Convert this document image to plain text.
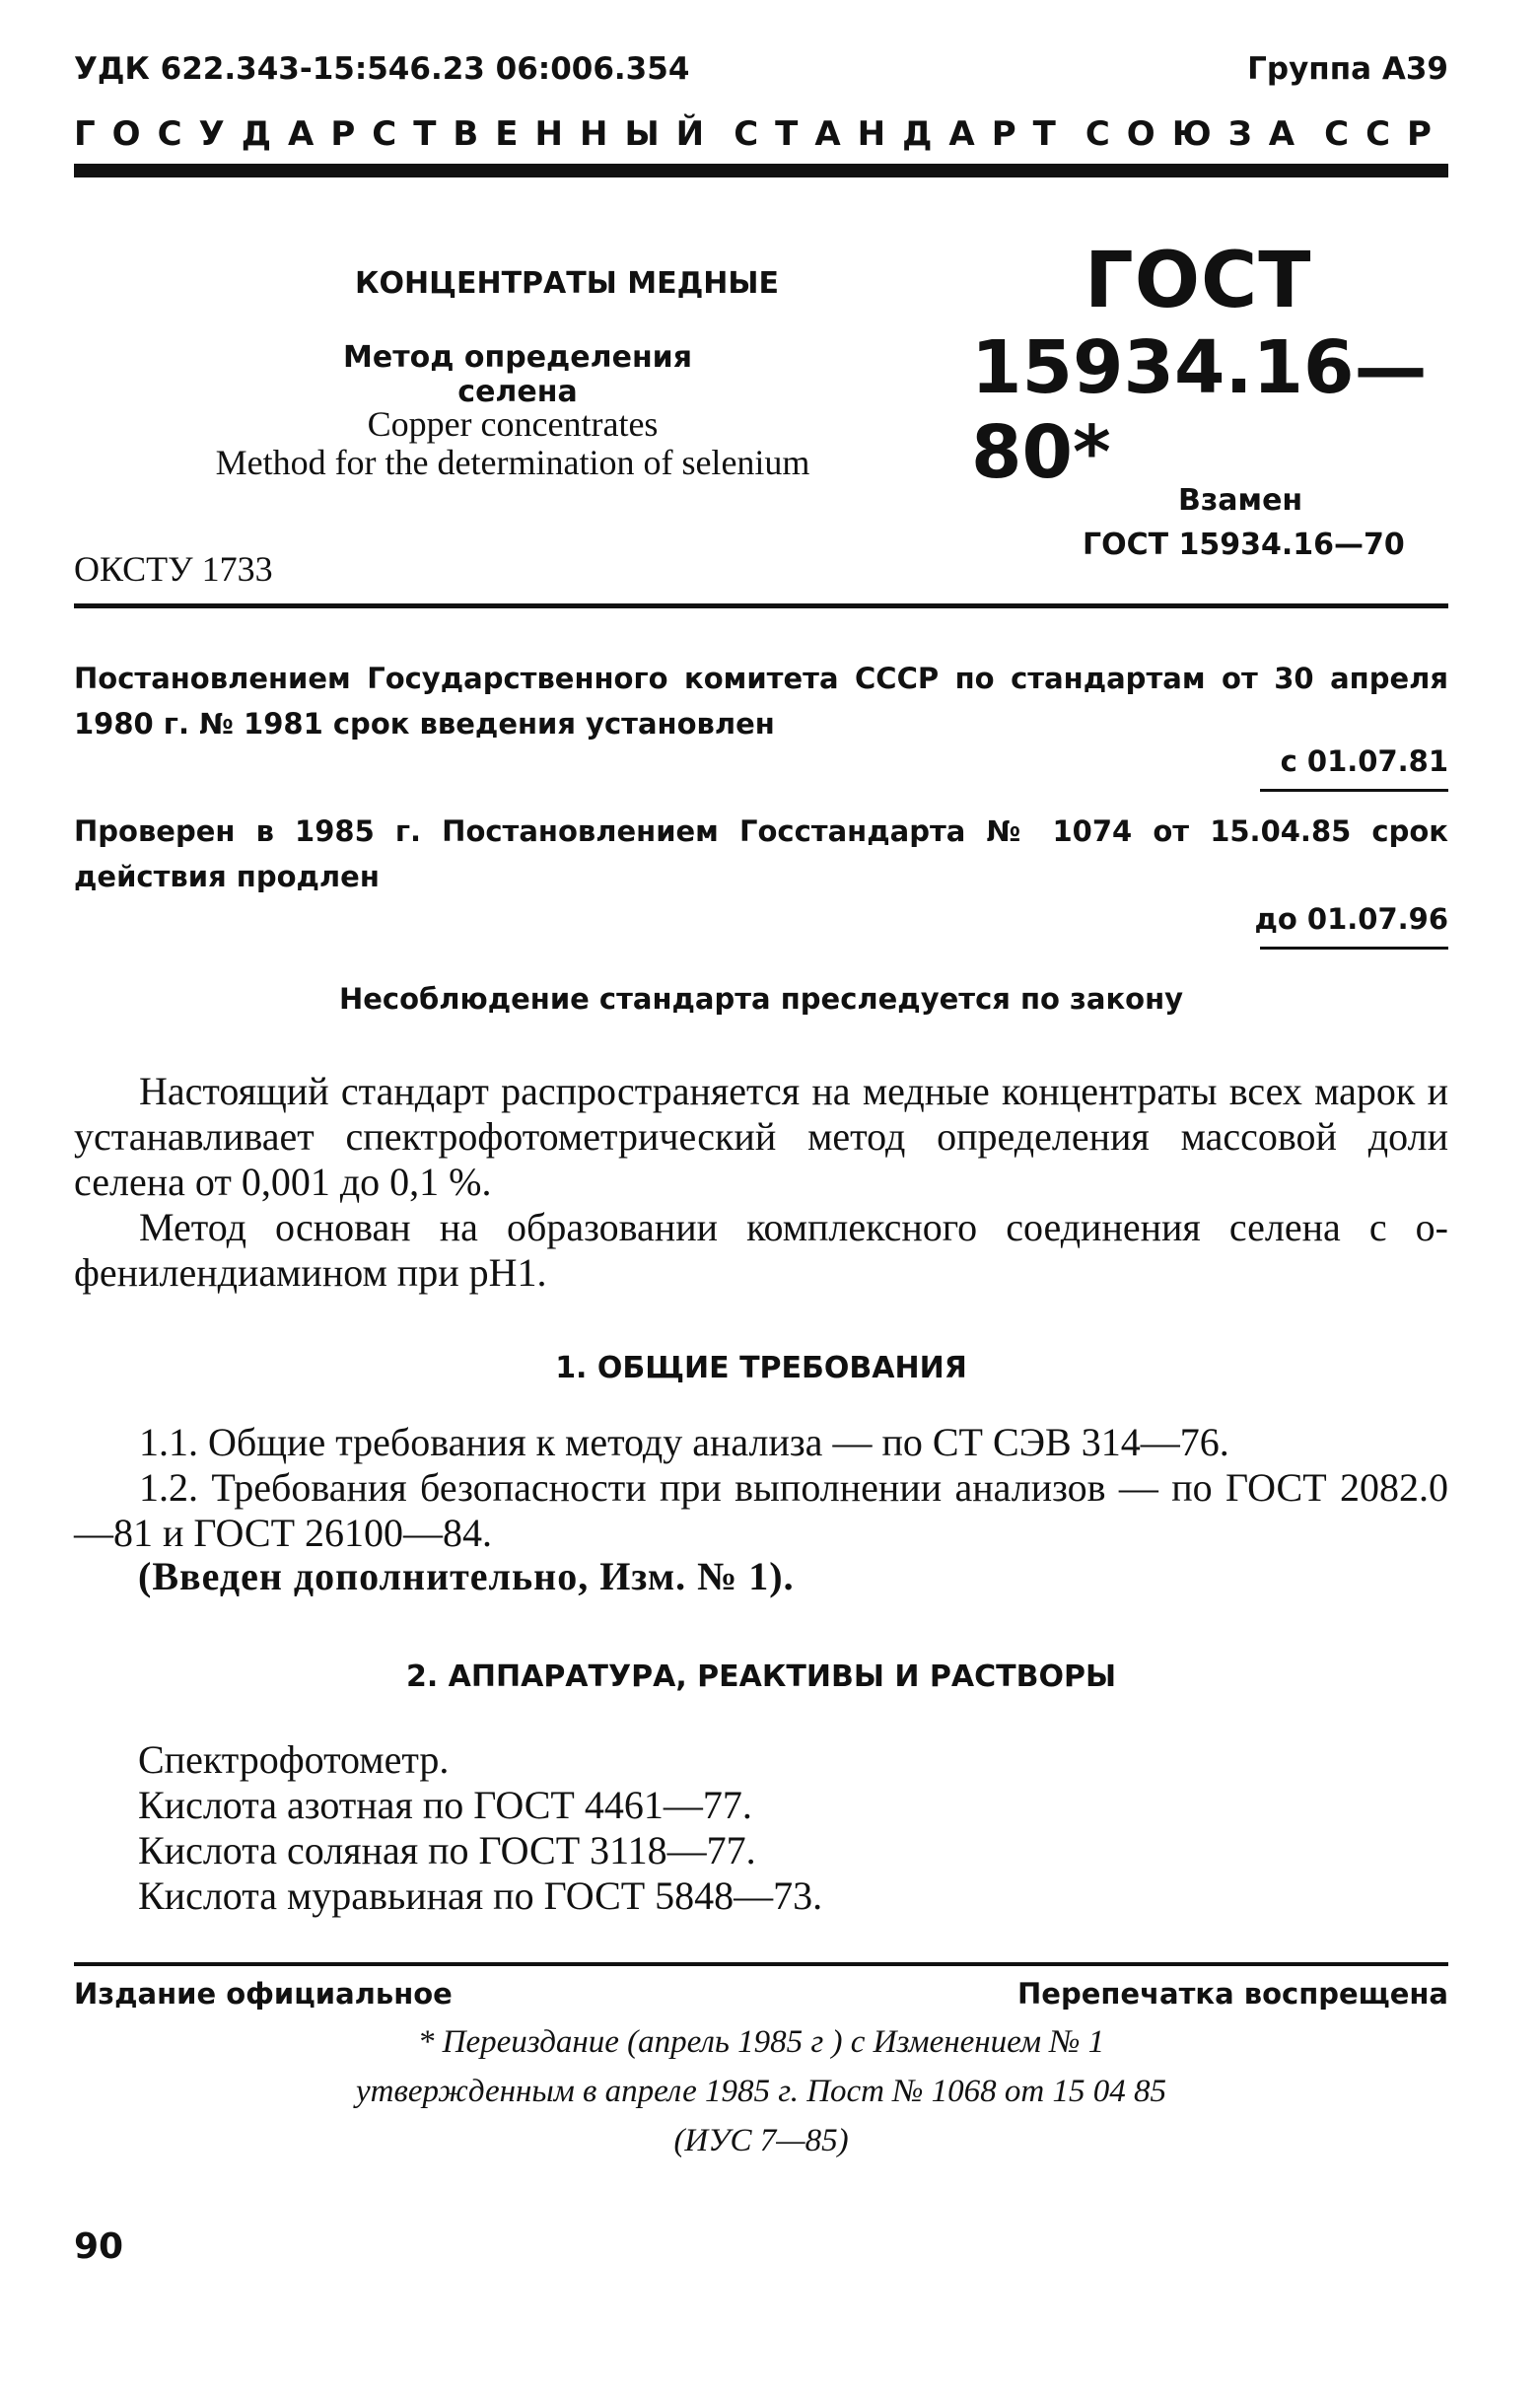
УДК 622.343-15:546.23 06:006.354	Группа А39
ГОСУДАРСТВЕННЫЙ СТАНДАРТ СОЮЗА ССР
КОНЦЕНТРАТЫ МЕДНЫЕ
Метод определения селена
Copper concentrates
Method for the determination of selenium
ОКСТУ 1733
ГОСТ
15934.16—80*
Взамен
ГОСТ 15934.16—70
Постановлением Государственного комитета СССР по стандартам от 30 апреля 1980 г. № 1981 срок введения установлен
с 01.07.81
Проверен в 1985 г. Постановлением Госстандарта № 1074 от 15.04.85 срок действия продлен
до 01.07.96
Несоблюдение стандарта преследуется по закону
Настоящий стандарт распространяется на медные концентраты всех марок и устанавливает спектрофотометрический метод определения массовой доли селена от 0,001 до 0,1 %.
Метод основан на образовании комплексного соединения селена с о-фенилендиамином при pH1.
1. ОБЩИЕ ТРЕБОВАНИЯ
1.1. Общие требования к методу анализа — по СТ СЭВ 314—76.
1.2. Требования безопасности при выполнении анализов — по ГОСТ 2082.0—81 и ГОСТ 26100—84.
(Введен дополнительно, Изм. № 1).
2. АППАРАТУРА, РЕАКТИВЫ И РАСТВОРЫ
Спектрофотометр.
Кислота азотная по ГОСТ 4461—77.
Кислота соляная по ГОСТ 3118—77.
Кислота муравьиная по ГОСТ 5848—73.
Издание официальное	Перепечатка воспрещена
* Переиздание (апрель 1985 г ) с Изменением № 1
утвержденным в апреле 1985 г. Пост № 1068 от 15 04 85
(ИУС 7—85)
90
